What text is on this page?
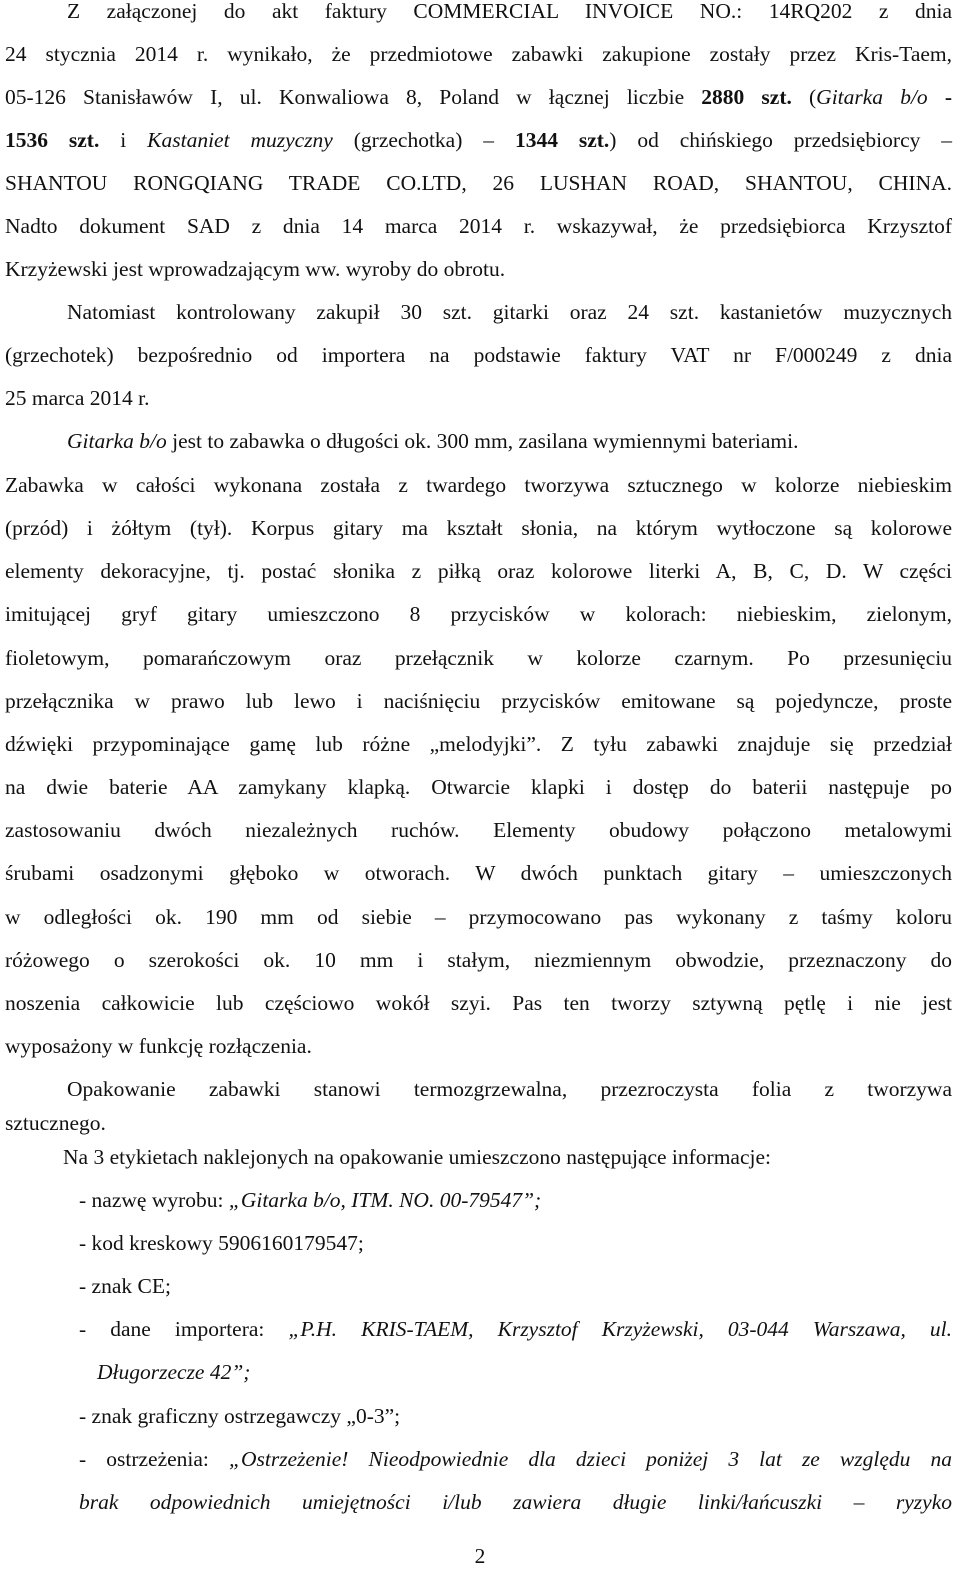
Z załączonej do akt faktury COMMERCIAL INVOICE NO.: 14RQ202 z dnia

24 stycznia 2014 r. wynikało, że przedmiotowe zabawki zakupione zostały przez Kris-Taem,

05-126 Stanisławów I, ul. Konwaliowa 8, Poland w łącznej liczbie 2880 szt. (Gitarka b/o -

1536 szt. i Kastaniet muzyczny (grzechotka) – 1344 szt.) od chińskiego przedsiębiorcy –

SHANTOU RONGQIANG TRADE CO.LTD, 26 LUSHAN ROAD, SHANTOU, CHINA.

Nadto dokument SAD z dnia 14 marca 2014 r. wskazywał, że przedsiębiorca Krzysztof

Krzyżewski jest wprowadzającym ww. wyroby do obrotu.

Natomiast kontrolowany zakupił 30 szt. gitarki oraz 24 szt. kastanietów muzycznych

(grzechotek) bezpośrednio od importera na podstawie faktury VAT nr F/000249 z dnia

25 marca 2014 r.

Gitarka b/o jest to zabawka o długości ok. 300 mm, zasilana wymiennymi bateriami.

Zabawka w całości wykonana została z twardego tworzywa sztucznego w kolorze niebieskim

(przód) i żółtym (tył). Korpus gitary ma kształt słonia, na którym wytłoczone są kolorowe

elementy dekoracyjne, tj. postać słonika z piłką oraz kolorowe literki A, B, C, D. W części

imitującej gryf gitary umieszczono 8 przycisków w kolorach: niebieskim, zielonym,

fioletowym, pomarańczowym oraz przełącznik w kolorze czarnym. Po przesunięciu

przełącznika w prawo lub lewo i naciśnięciu przycisków emitowane są pojedyncze, proste

dźwięki przypominające gamę lub różne „melodyjki”. Z tyłu zabawki znajduje się przedział

na dwie baterie AA zamykany klapką. Otwarcie klapki i dostęp do baterii następuje po

zastosowaniu dwóch niezależnych ruchów. Elementy obudowy połączono metalowymi

śrubami osadzonymi głęboko w otworach. W dwóch punktach gitary – umieszczonych

w odległości ok. 190 mm od siebie – przymocowano pas wykonany z taśmy koloru

różowego o szerokości ok. 10 mm i stałym, niezmiennym obwodzie, przeznaczony do

noszenia całkowicie lub częściowo wokół szyi. Pas ten tworzy sztywną pętlę i nie jest

wyposażony w funkcję rozłączenia.

Opakowanie zabawki stanowi termozgrzewalna, przezroczysta folia z tworzywa

sztucznego.

Na 3 etykietach naklejonych na opakowanie umieszczono następujące informacje:

- nazwę wyrobu: „Gitarka b/o, ITM. NO. 00-79547”;

- kod kreskowy 5906160179547;

- znak CE;

- dane importera: „P.H. KRIS-TAEM, Krzysztof Krzyżewski, 03-044 Warszawa, ul.

Długorzecze 42”;

- znak graficzny ostrzegawczy „0-3”;

- ostrzeżenia: „Ostrzeżenie! Nieodpowiednie dla dzieci poniżej 3 lat ze względu na

brak odpowiednich umiejętności i/lub zawiera długie linki/łańcuszki – ryzyko

2
